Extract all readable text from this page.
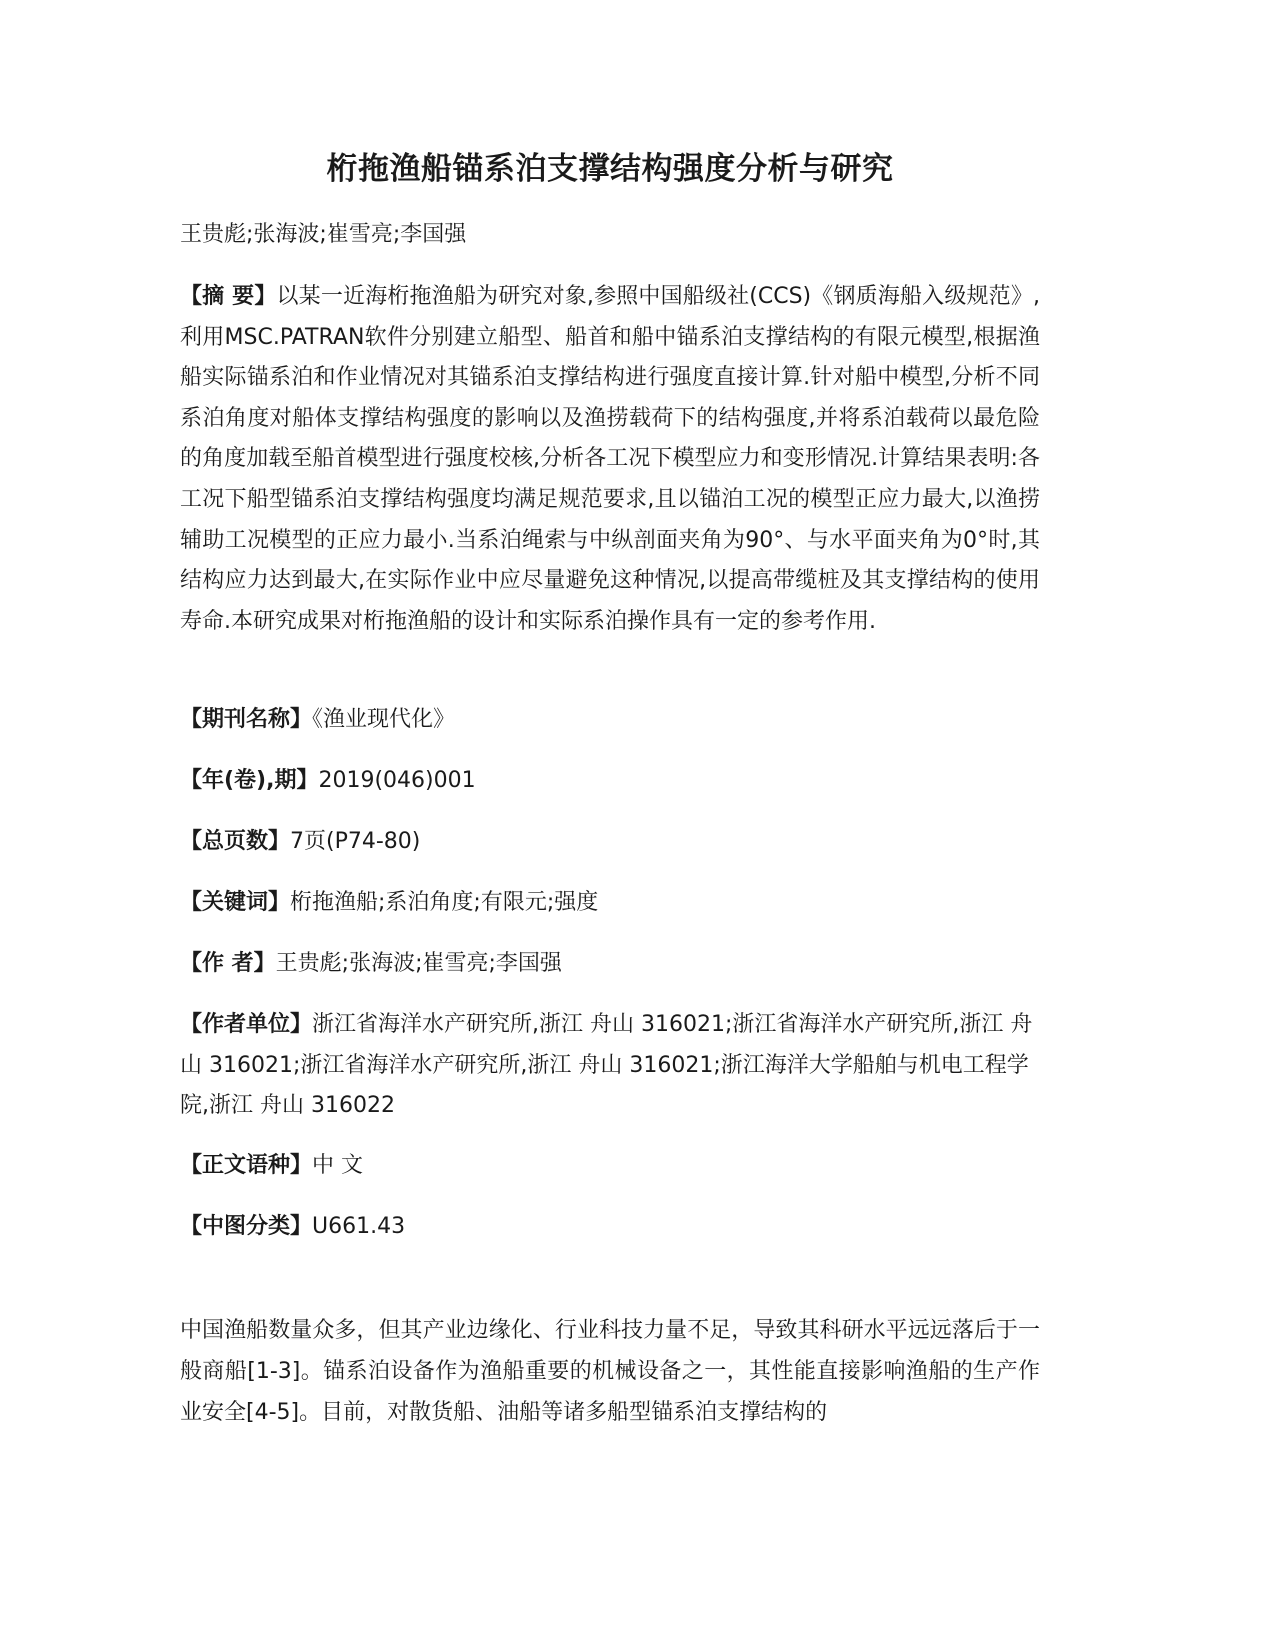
桁拖渔船锚系泊支撑结构强度分析与研究

王贵彪;张海波;崔雪亮;李国强

【摘 要】以某一近海桁拖渔船为研究对象,参照中国船级社(CCS)《钢质海船入级规范》,利用MSC.PATRAN软件分别建立船型、船首和船中锚系泊支撑结构的有限元模型,根据渔船实际锚系泊和作业情况对其锚系泊支撑结构进行强度直接计算.针对船中模型,分析不同系泊角度对船体支撑结构强度的影响以及渔捞载荷下的结构强度,并将系泊载荷以最危险的角度加载至船首模型进行强度校核,分析各工况下模型应力和变形情况.计算结果表明:各工况下船型锚系泊支撑结构强度均满足规范要求,且以锚泊工况的模型正应力最大,以渔捞辅助工况模型的正应力最小.当系泊绳索与中纵剖面夹角为90°、与水平面夹角为0°时,其结构应力达到最大,在实际作业中应尽量避免这种情况,以提高带缆桩及其支撑结构的使用寿命.本研究成果对桁拖渔船的设计和实际系泊操作具有一定的参考作用.

【期刊名称】《渔业现代化》

【年(卷),期】2019(046)001

【总页数】7页(P74-80)

【关键词】桁拖渔船;系泊角度;有限元;强度

【作 者】王贵彪;张海波;崔雪亮;李国强

【作者单位】浙江省海洋水产研究所,浙江 舟山 316021;浙江省海洋水产研究所,浙江 舟山 316021;浙江省海洋水产研究所,浙江 舟山 316021;浙江海洋大学船舶与机电工程学院,浙江 舟山 316022

【正文语种】中 文

【中图分类】U661.43

中国渔船数量众多，但其产业边缘化、行业科技力量不足，导致其科研水平远远落后于一般商船[1-3]。锚系泊设备作为渔船重要的机械设备之一，其性能直接影响渔船的生产作业安全[4-5]。目前，对散货船、油船等诸多船型锚系泊支撑结构的
